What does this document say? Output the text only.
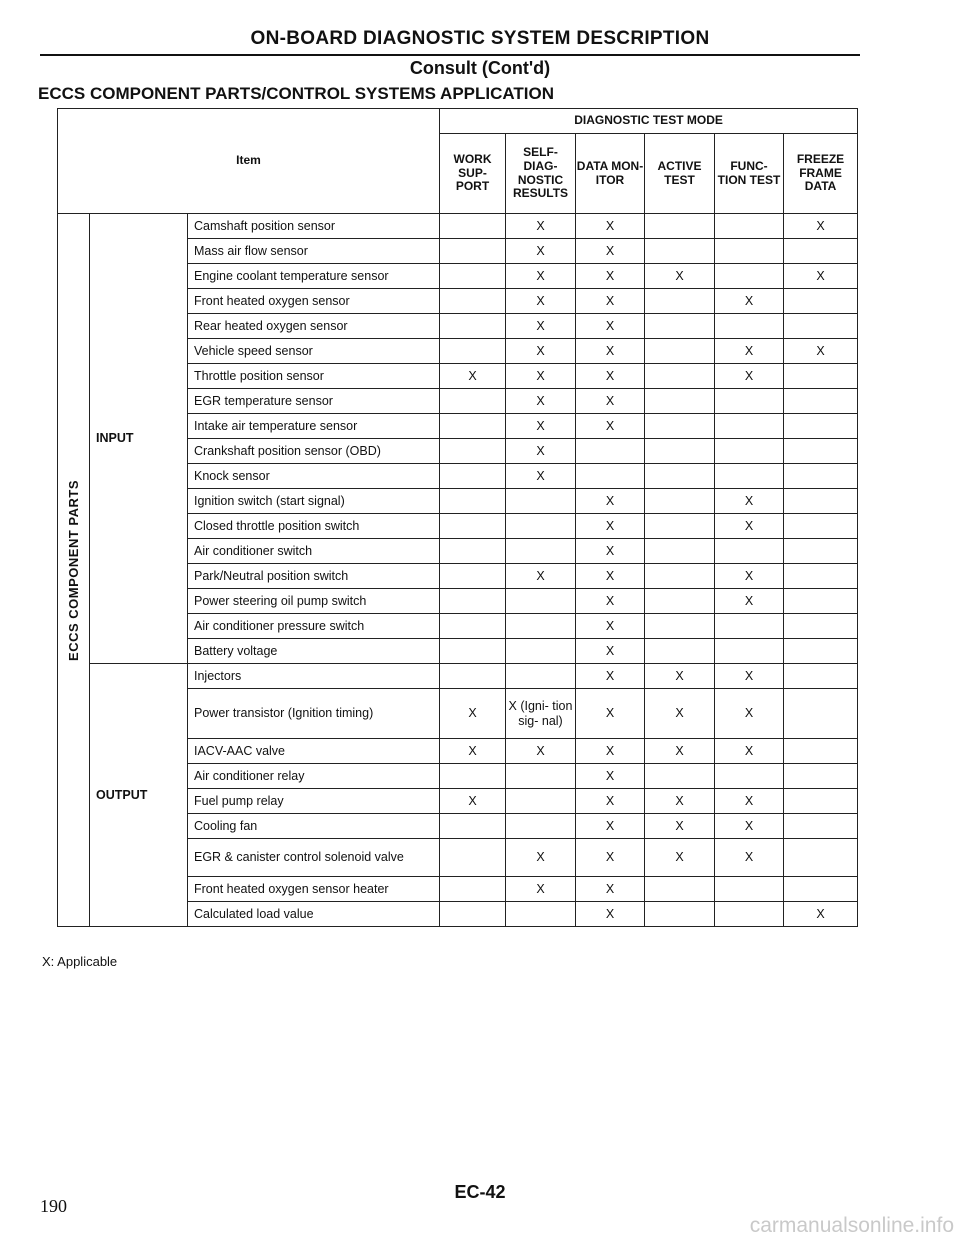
ON-BOARD DIAGNOSTIC SYSTEM DESCRIPTION
Consult (Cont'd)
ECCS COMPONENT PARTS/CONTROL SYSTEMS APPLICATION
Item			DIAGNOSTIC TEST MODE					
			WORK SUP- PORT	SELF- DIAG- NOSTIC RESULTS	DATA MON- ITOR	ACTIVE TEST	FUNC- TION TEST	FREEZE FRAME DATA

ECCS COMPONENT PARTS	INPUT	Camshaft position sensor		X	X			X
		Mass air flow sensor		X	X			
		Engine coolant temperature sensor		X	X	X		X
		Front heated oxygen sensor		X	X		X	
		Rear heated oxygen sensor		X	X			
		Vehicle speed sensor		X	X		X	X
		Throttle position sensor	X	X	X		X	
		EGR temperature sensor		X	X			
		Intake air temperature sensor		X	X			
		Crankshaft position sensor (OBD)		X				
		Knock sensor		X				
		Ignition switch (start signal)			X		X	
		Closed throttle position switch			X		X	
		Air conditioner switch			X			
		Park/Neutral position switch		X	X		X	
		Power steering oil pump switch			X		X	
		Air conditioner pressure switch			X			
		Battery voltage			X			
	OUTPUT	Injectors			X	X	X	
		Power transistor (Ignition timing)	X	X (Igni- tion sig- nal)	X	X	X	
		IACV-AAC valve	X	X	X	X	X	
		Air conditioner relay			X			
		Fuel pump relay	X		X	X	X	
		Cooling fan			X	X	X	
		EGR & canister control solenoid valve		X	X	X	X	
		Front heated oxygen sensor heater		X	X			
		Calculated load value			X			X
X: Applicable
EC-42
190
carmanualsonline.info
